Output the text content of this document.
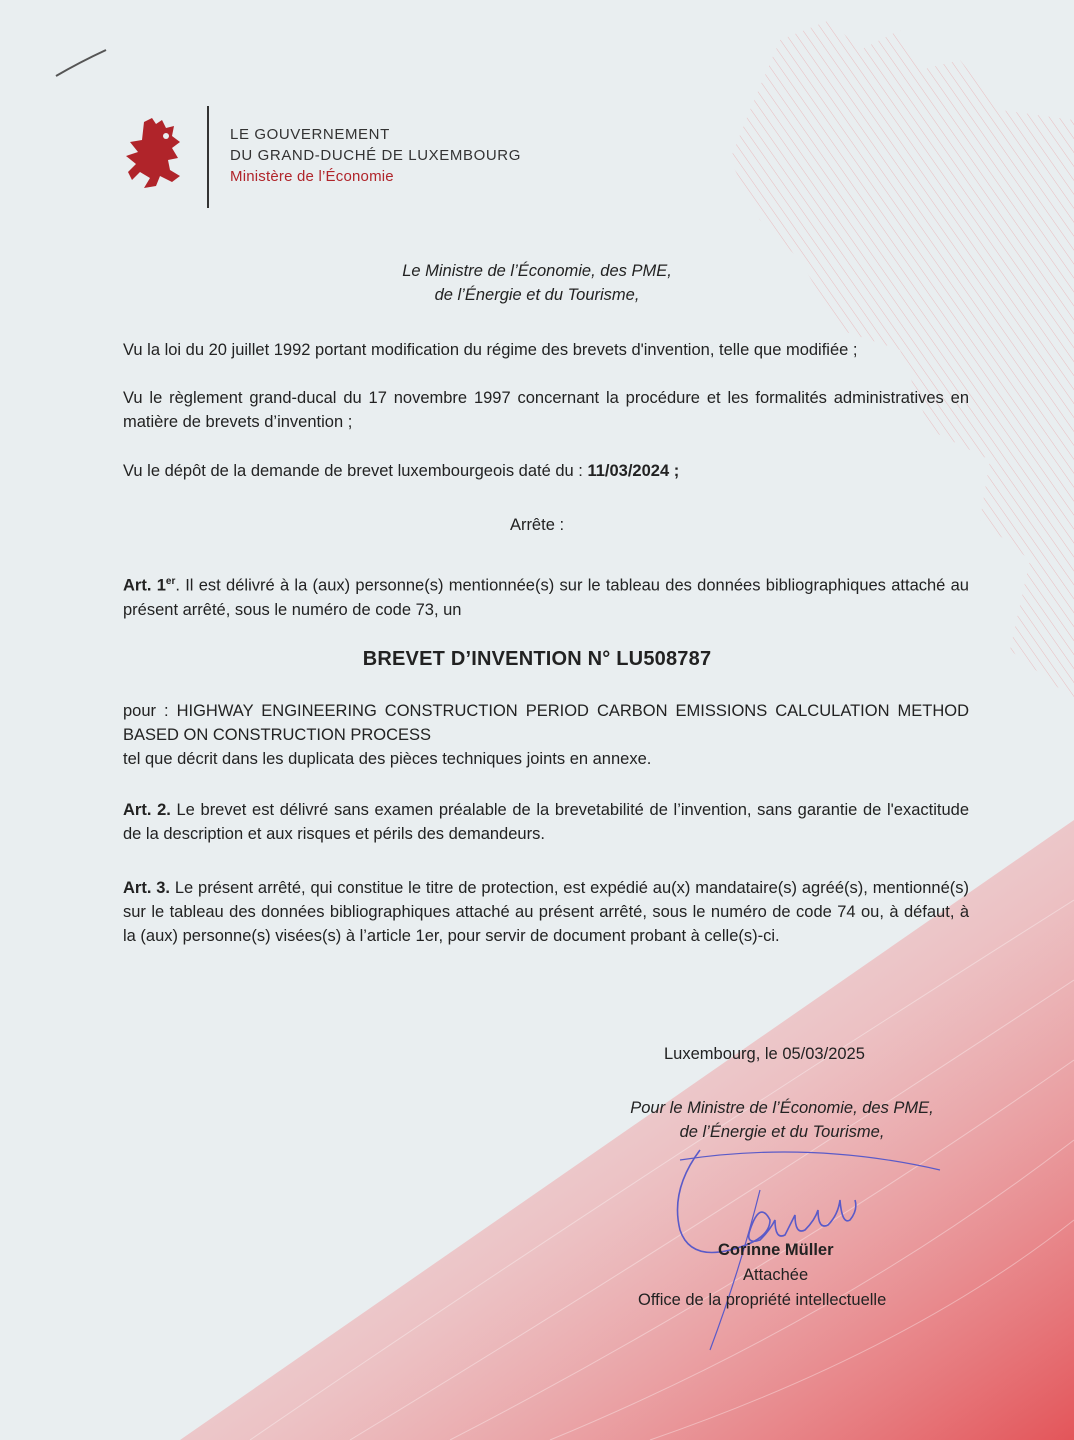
LE GOUVERNEMENT
DU GRAND-DUCHÉ DE LUXEMBOURG
Ministère de l’Économie
Le Ministre de l’Économie, des PME,
de l’Énergie et du Tourisme,
Vu la loi du 20 juillet 1992 portant modification du régime des brevets d'invention, telle que modifiée ;
Vu le règlement grand-ducal du 17 novembre 1997 concernant la procédure et les formalités administratives en matière de brevets d’invention ;
Vu le dépôt de la demande de brevet luxembourgeois daté du : 11/03/2024 ;
Arrête :
Art. 1er. Il est délivré à la (aux) personne(s) mentionnée(s) sur le tableau des données bibliographiques attaché au présent arrêté, sous le numéro de code 73, un
BREVET D’INVENTION N° LU508787
pour : HIGHWAY ENGINEERING CONSTRUCTION PERIOD CARBON EMISSIONS CALCULATION METHOD BASED ON CONSTRUCTION PROCESS
tel que décrit dans les duplicata des pièces techniques joints en annexe.
Art. 2. Le brevet est délivré sans examen préalable de la brevetabilité de l’invention, sans garantie de l'exactitude de la description et aux risques et périls des demandeurs.
Art. 3. Le présent arrêté, qui constitue le titre de protection, est expédié au(x) mandataire(s) agréé(s), mentionné(s) sur le tableau des données bibliographiques attaché au présent arrêté, sous le numéro de code 74 ou, à défaut, à la (aux) personne(s) visées(s) à l’article 1er, pour servir de document probant à celle(s)-ci.
Luxembourg, le 05/03/2025
Pour le Ministre de l’Économie, des PME,
de l’Énergie et du Tourisme,
Corinne Müller
Attachée
Office de la propriété intellectuelle
